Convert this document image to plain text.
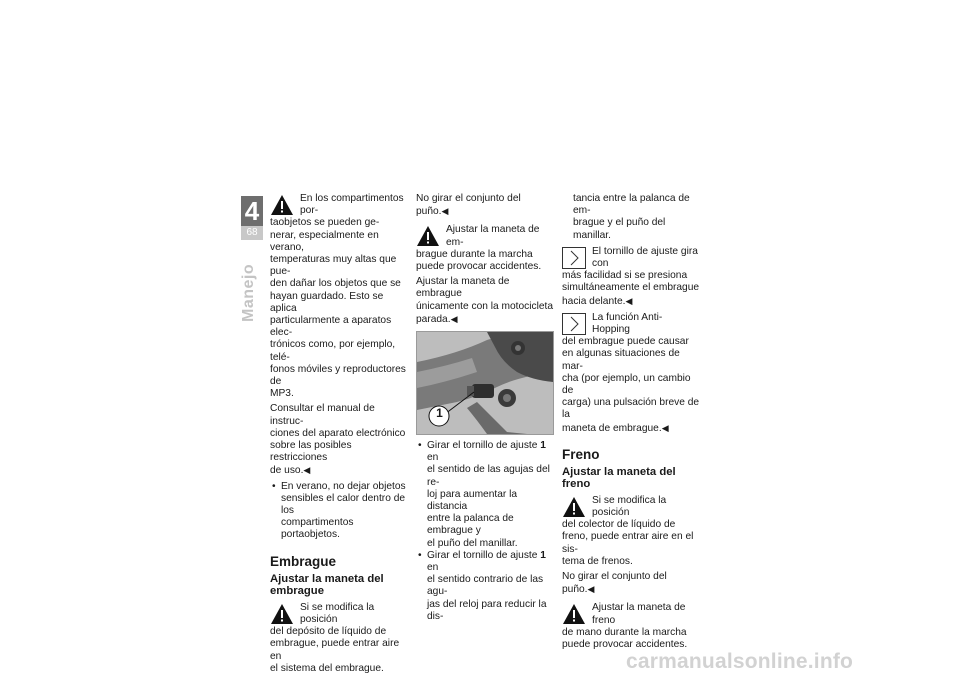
4
68
Manejo

En los compartimentos por-
taobjetos se pueden ge-
nerar, especialmente en verano,
temperaturas muy altas que pue-
den dañar los objetos que se
hayan guardado. Esto se aplica
particularmente a aparatos elec-
trónicos como, por ejemplo, telé-
fonos móviles y reproductores de
MP3.

Consultar el manual de instruc-
ciones del aparato electrónico
sobre las posibles restricciones
de uso.◀

• En verano, no dejar objetos
sensibles el calor dentro de los
compartimentos portaobjetos.
Embrague
Ajustar la maneta del
embrague

Si se modifica la posición
del depósito de líquido de
embrague, puede entrar aire en
el sistema del embrague.

No girar el conjunto del puño.◀

Ajustar la maneta de em-
brague durante la marcha
puede provocar accidentes.

Ajustar la maneta de embrague
únicamente con la motocicleta
parada.◀

1
• Girar el tornillo de ajuste 1 en
el sentido de las agujas del re-
loj para aumentar la distancia
entre la palanca de embrague y
el puño del manillar.
• Girar el tornillo de ajuste 1 en
el sentido contrario de las agu-
jas del reloj para reducir la dis-

tancia entre la palanca de em-
brague y el puño del manillar.

El tornillo de ajuste gira con
más facilidad si se presiona
simultáneamente el embrague
hacia delante.◀

La función Anti-Hopping
del embrague puede causar
en algunas situaciones de mar-
cha (por ejemplo, un cambio de
carga) una pulsación breve de la
maneta de embrague.◀

Freno
Ajustar la maneta del
freno

Si se modifica la posición
del colector de líquido de
freno, puede entrar aire en el sis-
tema de frenos.

No girar el conjunto del puño.◀

Ajustar la maneta de freno
de mano durante la marcha
puede provocar accidentes.

carmanualsonline.info
